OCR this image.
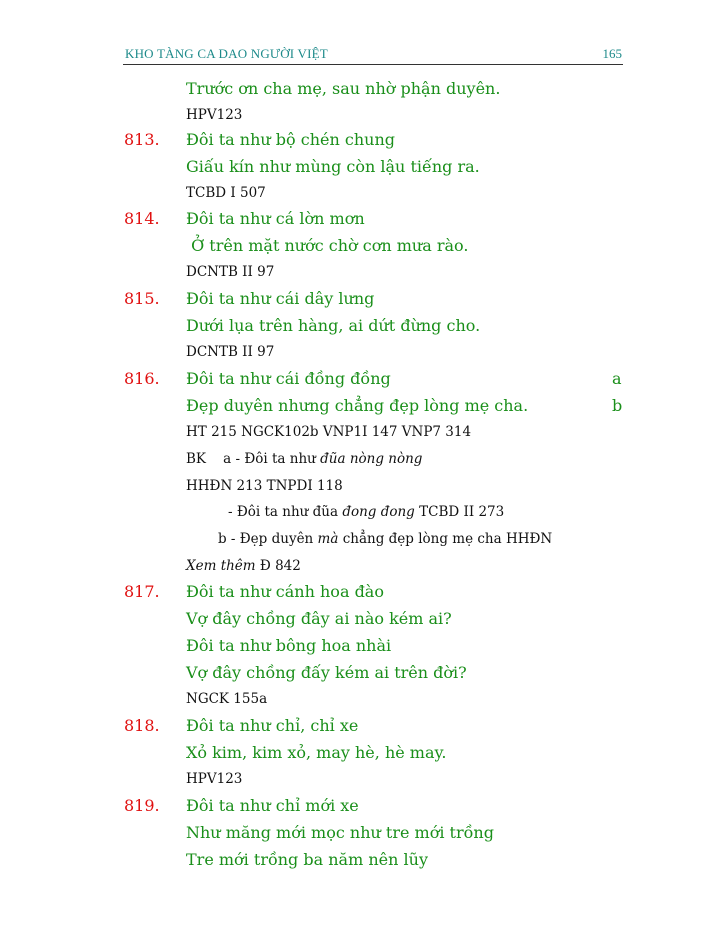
KHO TÀNG CA DAO NGƯỜI VIỆT	165
Trước ơn cha mẹ, sau nhờ phận duyên.
HPV123
813. Đôi ta như bộ chén chung
Giấu kín như mùng còn lậu tiếng ra.
TCBD I 507
814. Đôi ta như cá lờn mơn
Ở trên mặt nước chờ cơn mưa rào.
DCNTB II 97
815. Đôi ta như cái dây lưng
Dưới lụa trên hàng, ai dứt đừng cho.
DCNTB II 97
816. Đôi ta như cái đồng đồng	a
Đẹp duyên nhưng chẳng đẹp lòng mẹ cha.	b
HT 215 NGCK102b VNP1I 147 VNP7 314
BK    a - Đôi ta như đũa nòng nòng
HHĐN 213 TNPDI 118
- Đôi ta như đũa đong đong TCBD II 273
b - Đẹp duyên mà chẳng đẹp lòng mẹ cha HHĐN
Xem thêm Đ 842
817. Đôi ta như cánh hoa đào
Vợ đây chồng đây ai nào kém ai?
Đôi ta như bông hoa nhài
Vợ đây chồng đấy kém ai trên đời?
NGCK 155a
818. Đôi ta như chỉ, chỉ xe
Xỏ kim, kim xỏ, may hè, hè may.
HPV123
819. Đôi ta như chỉ mới xe
Như măng mới mọc như tre mới trồng
Tre mới trồng ba năm nên lũy
